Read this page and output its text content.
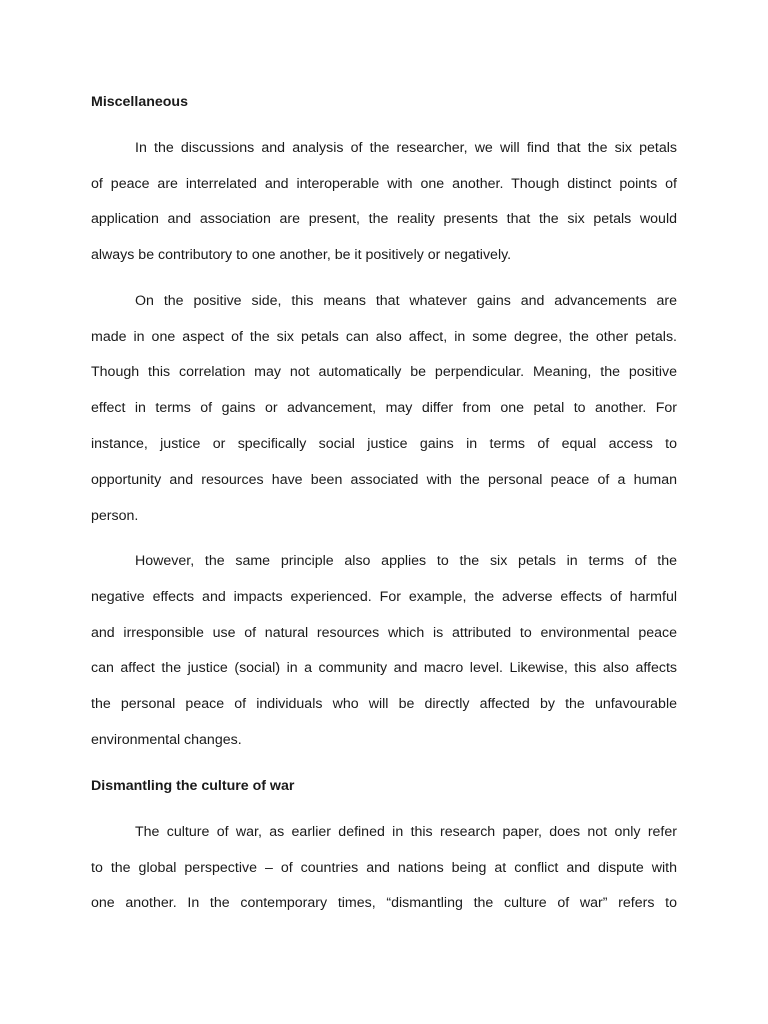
Miscellaneous
In the discussions and analysis of the researcher, we will find that the six petals
of peace are interrelated and interoperable with one another. Though distinct points of
application and association are present, the reality presents that the six petals would
always be contributory to one another, be it positively or negatively.
On the positive side, this means that whatever gains and advancements are
made in one aspect of the six petals can also affect, in some degree, the other petals.
Though this correlation may not automatically be perpendicular. Meaning, the positive
effect in terms of gains or advancement, may differ from one petal to another. For
instance, justice or specifically social justice gains in terms of equal access to
opportunity and resources have been associated with the personal peace of a human
person.
However, the same principle also applies to the six petals in terms of the
negative effects and impacts experienced. For example, the adverse effects of harmful
and irresponsible use of natural resources which is attributed to environmental peace
can affect the justice (social) in a community and macro level. Likewise, this also affects
the personal peace of individuals who will be directly affected by the unfavourable
environmental changes.
Dismantling the culture of war
The culture of war, as earlier defined in this research paper, does not only refer
to the global perspective – of countries and nations being at conflict and dispute with
one another. In the contemporary times, “dismantling the culture of war” refers to
